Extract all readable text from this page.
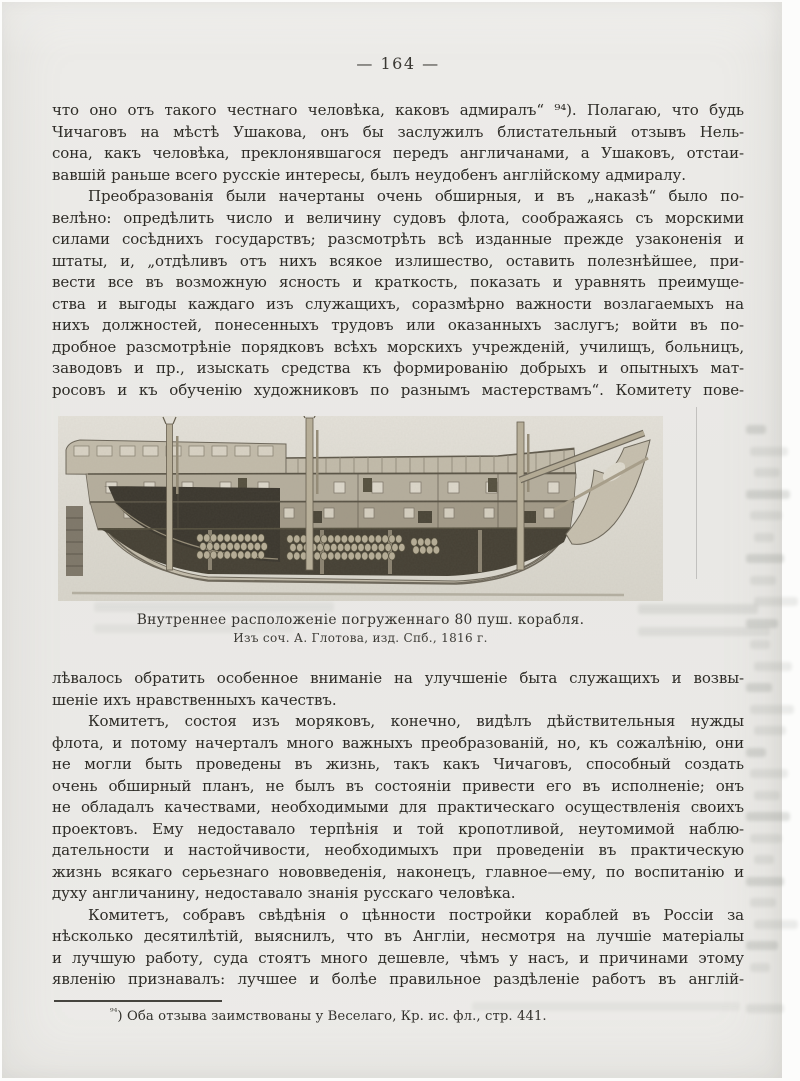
— 164 —
что оно отъ такого честнаго человѣка, каковъ адмиралъ“ ⁹⁴). Полагаю, что будь
Чичаговъ на мѣстѣ Ушакова, онъ бы заслужилъ блистательный отзывъ Нель-
сона, какъ человѣка, преклонявшагося передъ англичанами, а Ушаковъ, отстаи-
вавшій раньше всего русскіе интересы, былъ неудобенъ англійскому адмиралу.
Преобразованія были начертаны очень обширныя, и въ „наказѣ“ было по-
велѣно: опредѣлить число и величину судовъ флота, соображаясь съ морскими
силами сосѣднихъ государствъ; разсмотрѣть всѣ изданные прежде узаконенія и
штаты, и, „отдѣливъ отъ нихъ всякое излишество, оставить полезнѣйшее, при-
вести все въ возможную ясность и краткость, показать и уравнять преимуще-
ства и выгоды каждаго изъ служащихъ, соразмѣрно важности возлагаемыхъ на
нихъ должностей, понесенныхъ трудовъ или оказанныхъ заслугъ; войти въ по-
дробное разсмотрѣніе порядковъ всѣхъ морскихъ учрежденій, училищъ, больницъ,
заводовъ и пр., изыскать средства къ формированію добрыхъ и опытныхъ мат-
росовъ и къ обученію художниковъ по разнымъ мастерствамъ“. Комитету пове-
Внутреннее расположеніе погруженнаго 80 пуш. корабля.
Изъ соч. А. Глотова, изд. Спб., 1816 г.
лѣвалось обратить особенное вниманіе на улучшеніе быта служащихъ и возвы-
шеніе ихъ нравственныхъ качествъ.
Комитетъ, состоя изъ моряковъ, конечно, видѣлъ дѣйствительныя нужды
флота, и потому начерталъ много важныхъ преобразованій, но, къ сожалѣнію, они
не могли быть проведены въ жизнь, такъ какъ Чичаговъ, способный создать
очень обширный планъ, не былъ въ состояніи привести его въ исполненіе; онъ
не обладалъ качествами, необходимыми для практическаго осуществленія своихъ
проектовъ. Ему недоставало терпѣнія и той кропотливой, неутомимой наблю-
дательности и настойчивости, необходимыхъ при проведеніи въ практическую
жизнь всякаго серьезнаго нововведенія, наконецъ, главное—ему, по воспитанію и
духу англичанину, недоставало знанія русскаго человѣка.
Комитетъ, собравъ свѣдѣнія о цѣнности постройки кораблей въ Россіи за
нѣсколько десятилѣтій, выяснилъ, что въ Англіи, несмотря на лучшіе матеріалы
и лучшую работу, суда стоятъ много дешевле, чѣмъ у насъ, и причинами этому
явленію признавалъ: лучшее и болѣе правильное раздѣленіе работъ въ англій-
$^{^{94}}$) Оба отзыва заимствованы у Веселаго, Кр. ис. фл., стр. 441.
